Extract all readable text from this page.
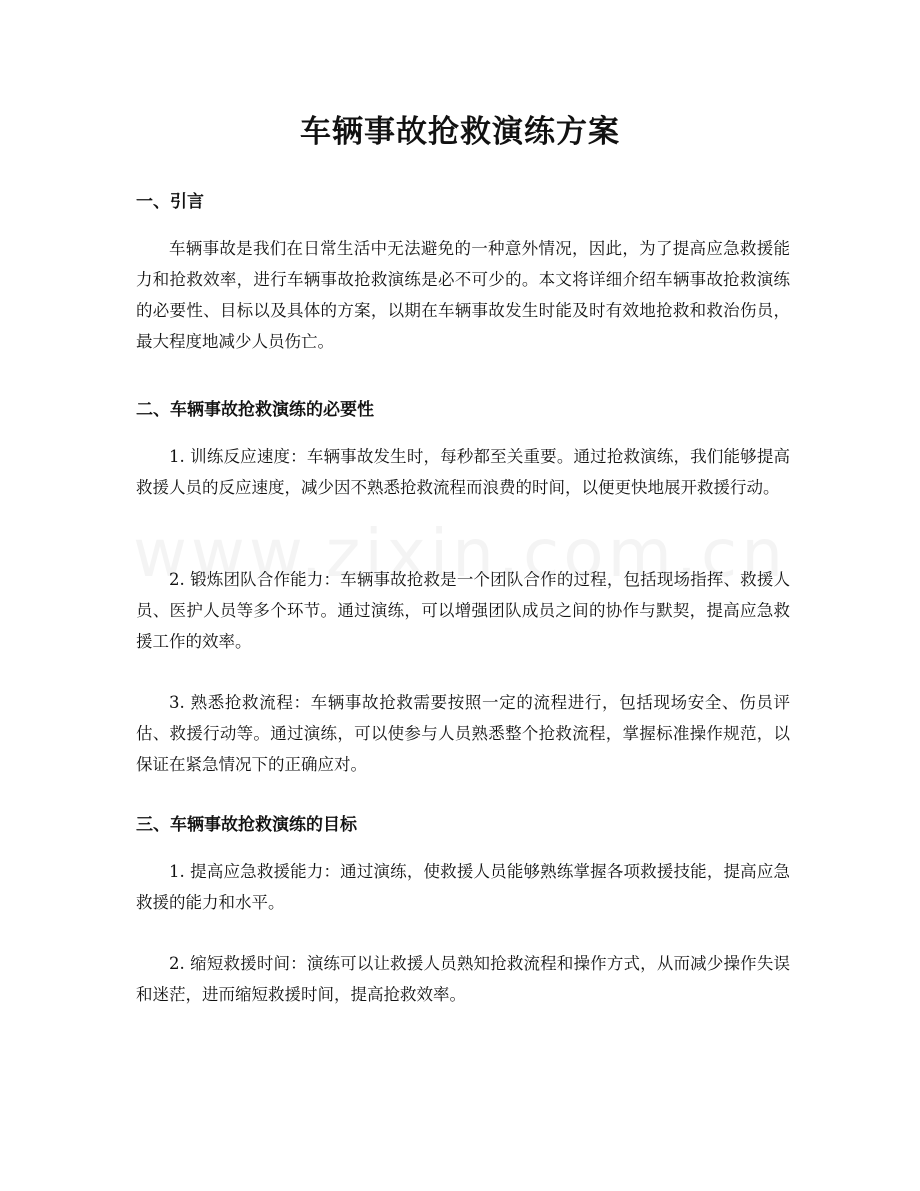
车辆事故抢救演练方案
一、引言

车辆事故是我们在日常生活中无法避免的一种意外情况，因此，为了提高应急救援能力和抢救效率，进行车辆事故抢救演练是必不可少的。本文将详细介绍车辆事故抢救演练的必要性、目标以及具体的方案，以期在车辆事故发生时能及时有效地抢救和救治伤员，最大程度地减少人员伤亡。

二、车辆事故抢救演练的必要性

1. 训练反应速度：车辆事故发生时，每秒都至关重要。通过抢救演练，我们能够提高救援人员的反应速度，减少因不熟悉抢救流程而浪费的时间，以便更快地展开救援行动。

2. 锻炼团队合作能力：车辆事故抢救是一个团队合作的过程，包括现场指挥、救援人员、医护人员等多个环节。通过演练，可以增强团队成员之间的协作与默契，提高应急救援工作的效率。

3. 熟悉抢救流程：车辆事故抢救需要按照一定的流程进行，包括现场安全、伤员评估、救援行动等。通过演练，可以使参与人员熟悉整个抢救流程，掌握标准操作规范，以保证在紧急情况下的正确应对。

三、车辆事故抢救演练的目标

1. 提高应急救援能力：通过演练，使救援人员能够熟练掌握各项救援技能，提高应急救援的能力和水平。

2. 缩短救援时间：演练可以让救援人员熟知抢救流程和操作方式，从而减少操作失误和迷茫，进而缩短救援时间，提高抢救效率。
